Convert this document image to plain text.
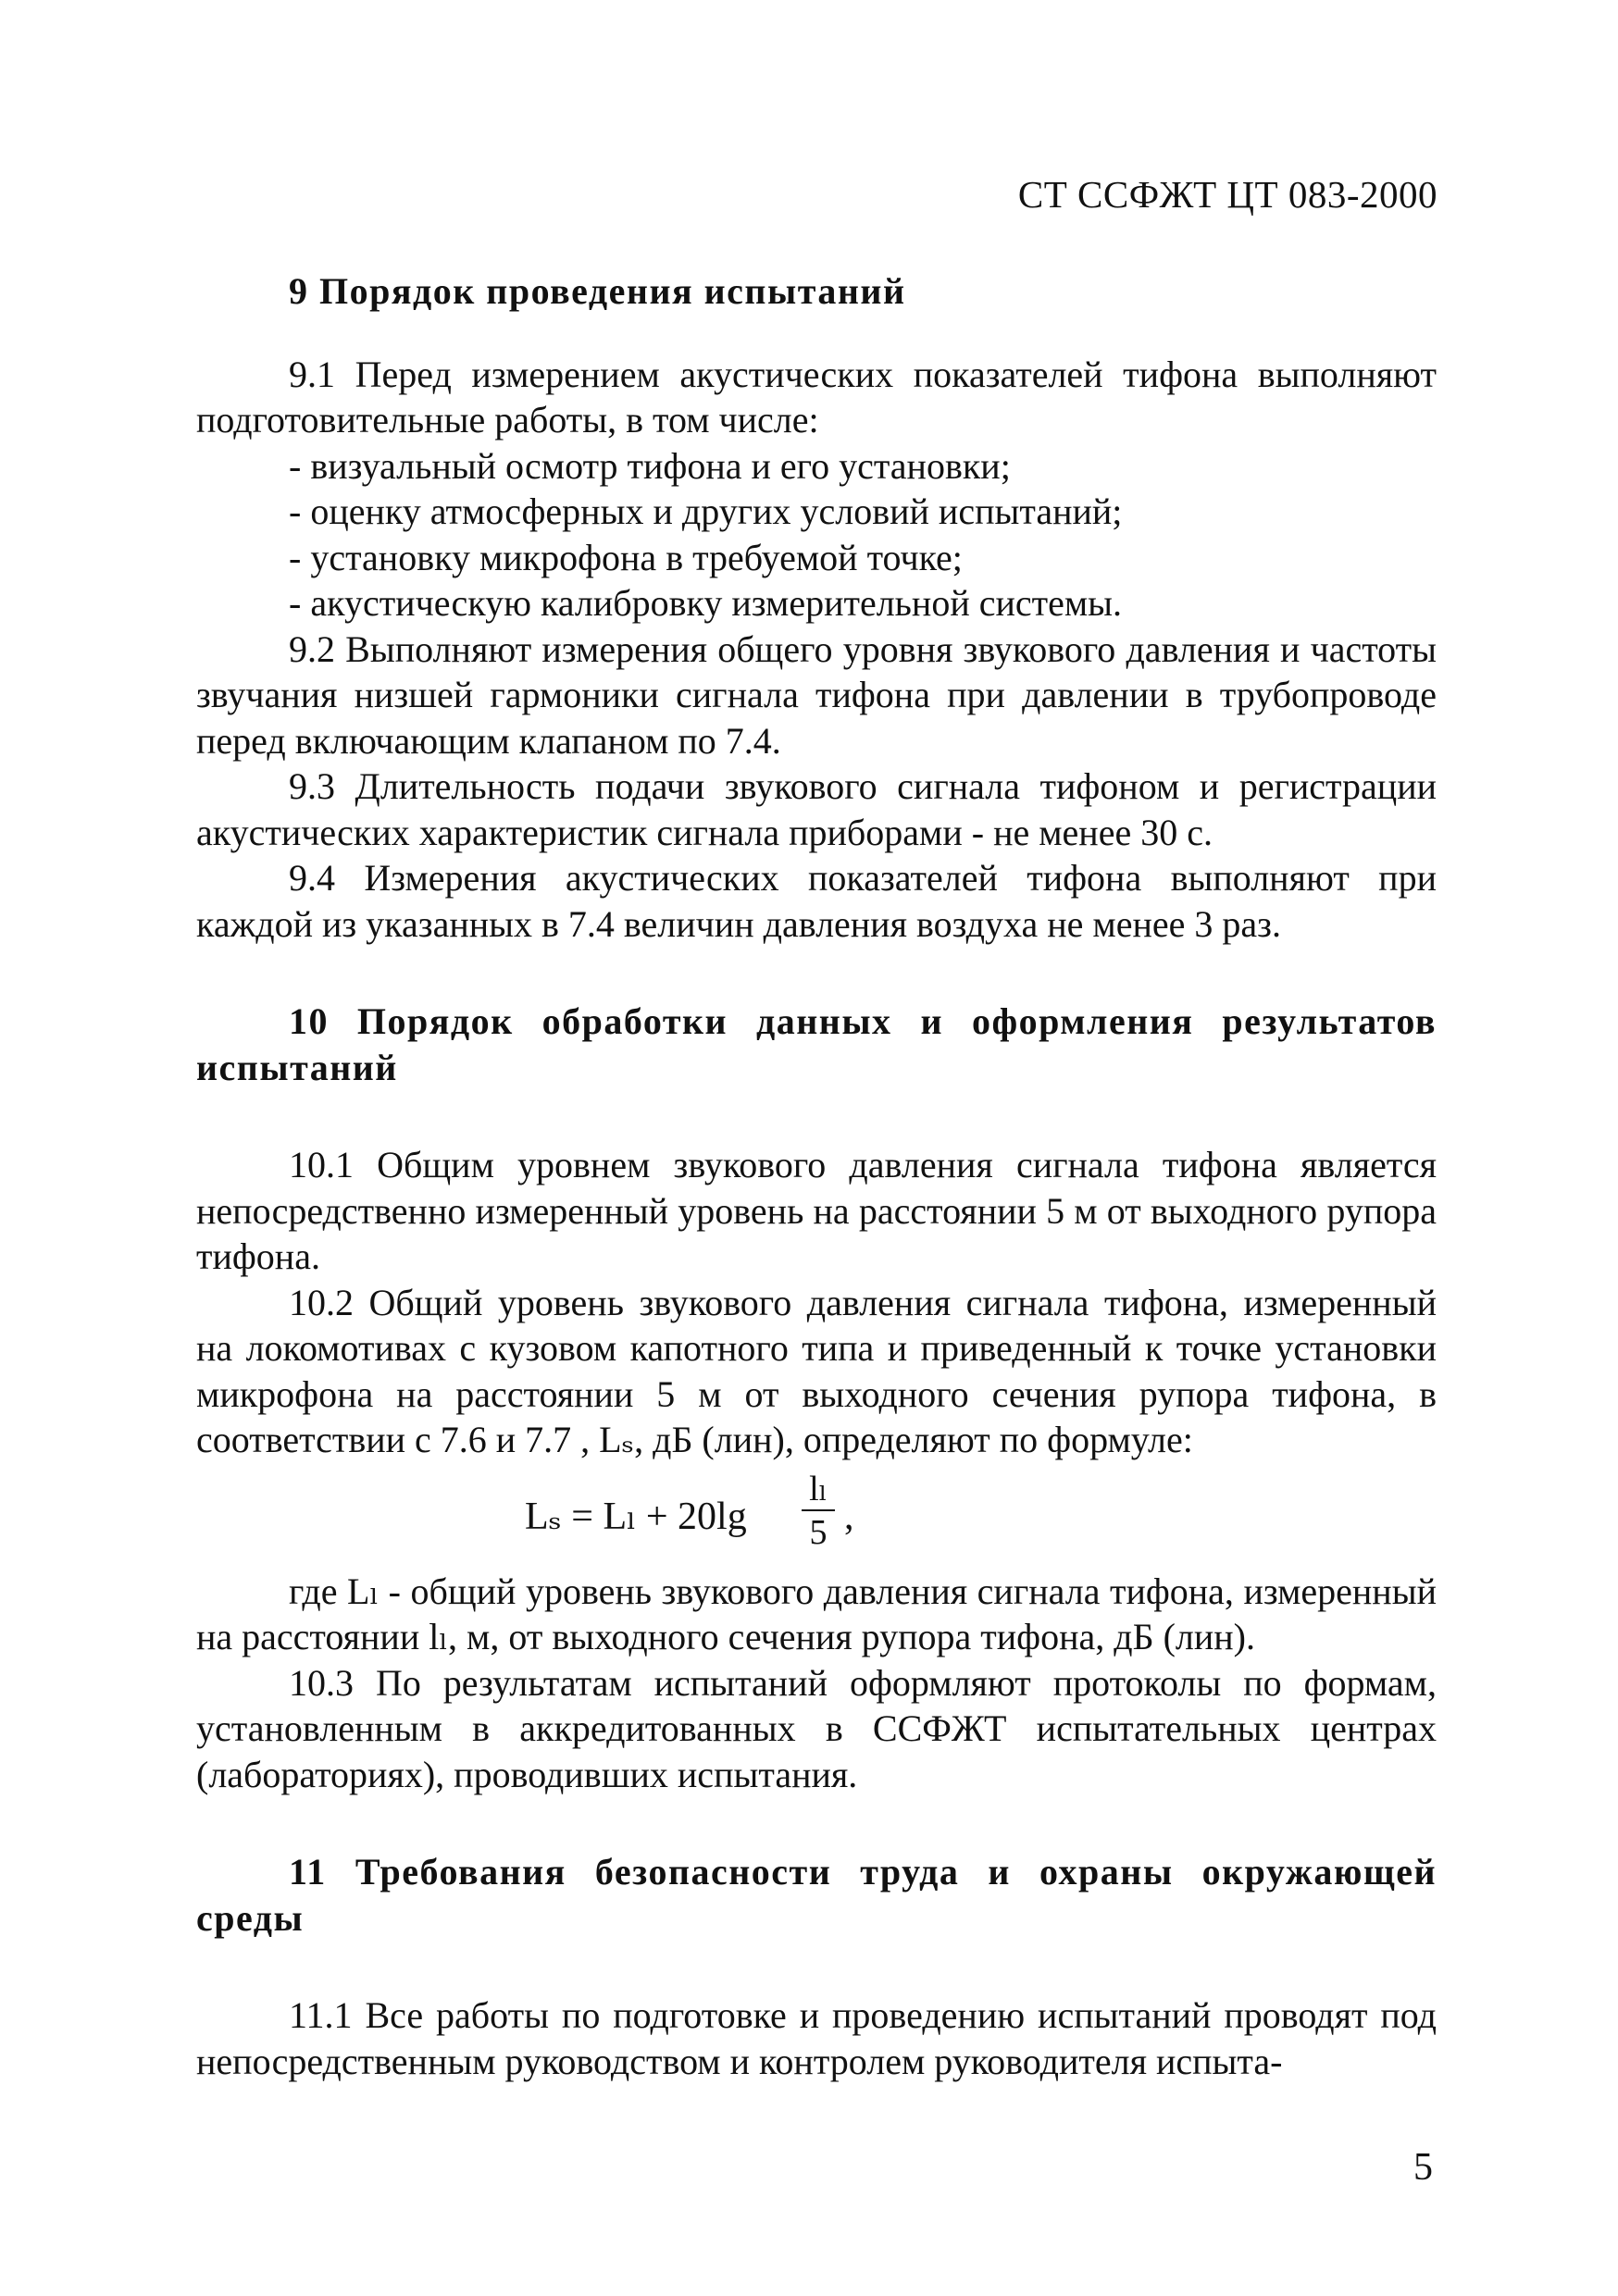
СТ ССФЖТ ЦТ 083-2000

9 Порядок проведения испытаний

9.1 Перед измерением акустических показателей тифона выполняют подготовительные работы, в том числе:

- визуальный осмотр тифона и его установки;
- оценку атмосферных и других условий испытаний;
- установку микрофона в требуемой точке;
- акустическую калибровку измерительной системы.

9.2 Выполняют измерения общего уровня звукового давления и частоты звучания низшей гармоники сигнала тифона при давлении в трубопроводе перед включающим клапаном по 7.4.

9.3 Длительность подачи звукового сигнала тифоном и регистрации акустических характеристик сигнала приборами - не менее 30 с.

9.4 Измерения акустических показателей тифона выполняют при каждой из указанных в 7.4 величин давления воздуха не менее 3 раз.

10 Порядок обработки данных и оформления результатов испытаний

10.1 Общим уровнем звукового давления сигнала тифона является непосредственно измеренный уровень на расстоянии 5 м от выходного рупора тифона.

10.2 Общий уровень звукового давления сигнала тифона, измеренный на локомотивах с кузовом капотного типа и приведенный к точке установки микрофона на расстоянии 5 м от выходного сечения рупора тифона, в соответствии с 7.6 и 7.7 , Lₛ, дБ (лин), определяют по формуле:

Lₛ = Lₗ + 20lg
lₗ
5 ,

где Lₗ - общий уровень звукового давления сигнала тифона, измеренный на расстоянии lₗ, м, от выходного сечения рупора тифона, дБ (лин).

10.3 По результатам испытаний оформляют протоколы по формам, установленным в аккредитованных в ССФЖТ испытательных центрах (лабораториях), проводивших испытания.

11 Требования безопасности труда и охраны окружающей среды

11.1 Все работы по подготовке и проведению испытаний проводят под непосредственным руководством и контролем руководителя испыта-

5
